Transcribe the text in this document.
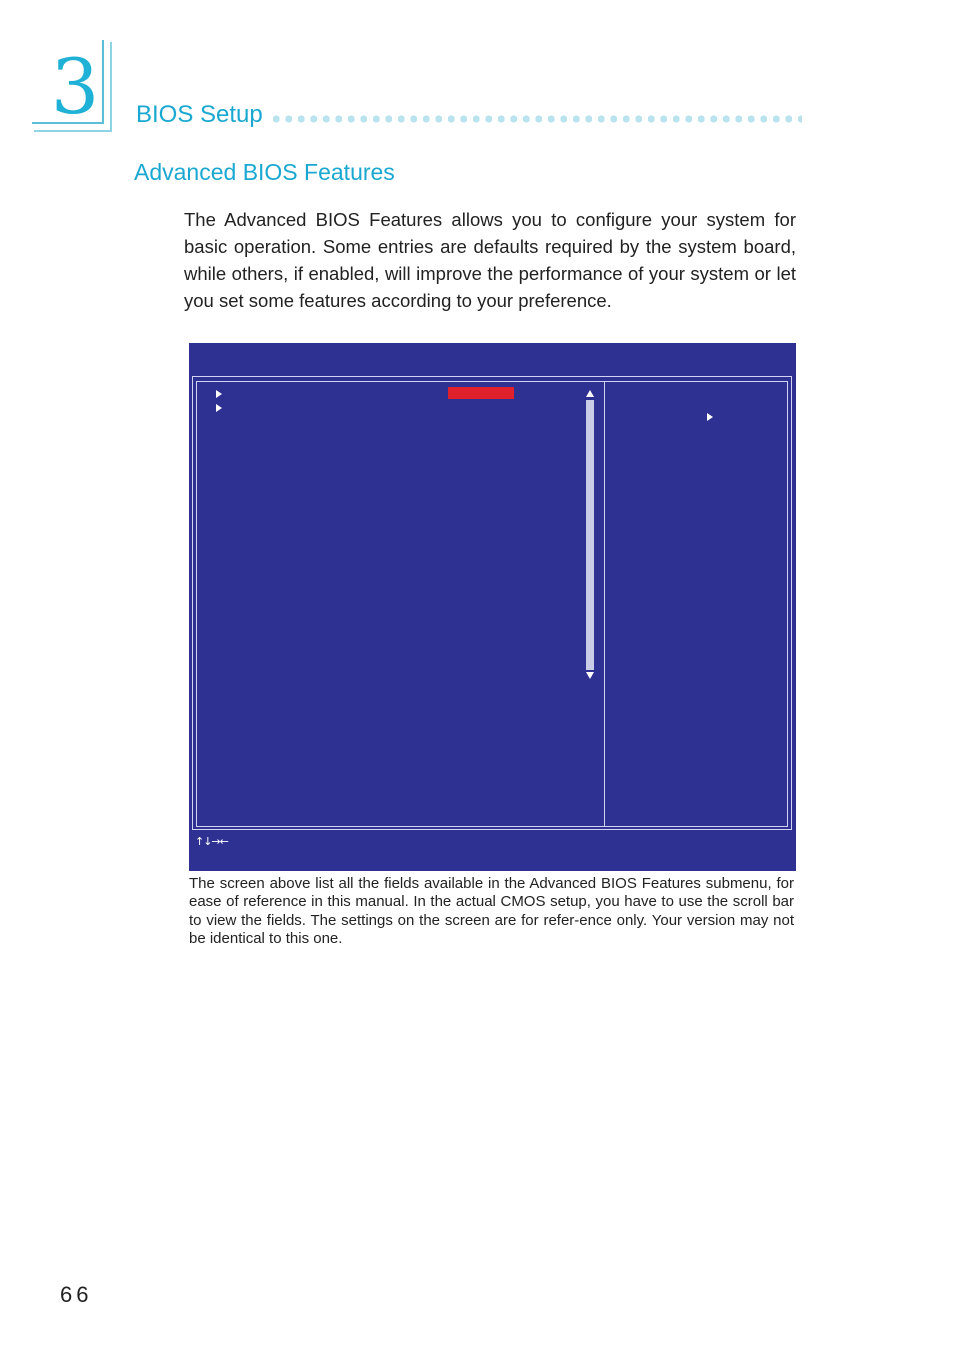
3 BIOS Setup
Advanced BIOS Features

The Advanced BIOS Features allows you to configure your system for basic operation. Some entries are defaults required by the system board, while others, if enabled, will improve the performance of your system or let you set some features according to your preference.

↑↓→←

The screen above list all the fields available in the Advanced BIOS Features submenu, for ease of reference in this manual. In the actual CMOS setup, you have to use the scroll bar to view the fields. The settings on the screen are for refer-ence only. Your version may not be identical to this one.

66
